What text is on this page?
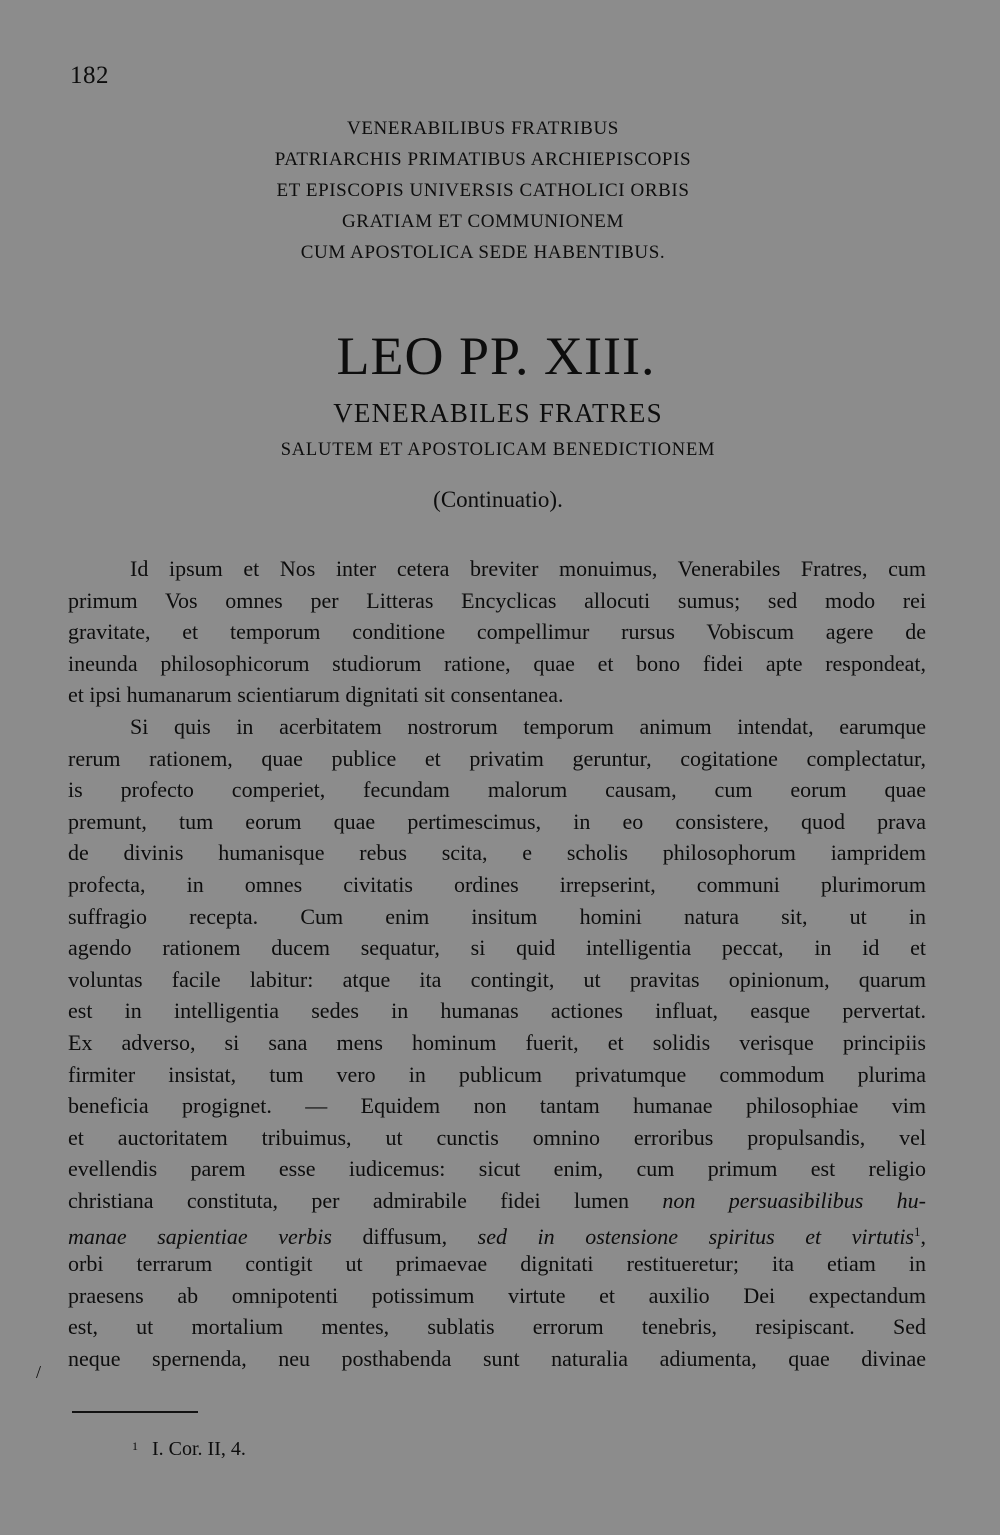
182
VENERABILIBUS FRATRIBUS
PATRIARCHIS PRIMATIBUS ARCHIEPISCOPIS
ET EPISCOPIS UNIVERSIS CATHOLICI ORBIS
GRATIAM ET COMMUNIONEM
CUM APOSTOLICA SEDE HABENTIBUS.
LEO PP. XIII.
VENERABILES FRATRES
SALUTEM ET APOSTOLICAM BENEDICTIONEM
(Continuatio).
Id ipsum et Nos inter cetera breviter monuimus, Venerabiles Fratres, cum
primum Vos omnes per Litteras Encyclicas allocuti sumus; sed modo rei
gravitate, et temporum conditione compellimur rursus Vobiscum agere de
ineunda philosophicorum studiorum ratione, quae et bono fidei apte respondeat,
et ipsi humanarum scientiarum dignitati sit consentanea.
Si quis in acerbitatem nostrorum temporum animum intendat, earumque
rerum rationem, quae publice et privatim geruntur, cogitatione complectatur,
is profecto comperiet, fecundam malorum causam, cum eorum quae
premunt, tum eorum quae pertimescimus, in eo consistere, quod prava
de divinis humanisque rebus scita, e scholis philosophorum iampridem
profecta, in omnes civitatis ordines irrepserint, communi plurimorum
suffragio recepta. Cum enim insitum homini natura sit, ut in
agendo rationem ducem sequatur, si quid intelligentia peccat, in id et
voluntas facile labitur: atque ita contingit, ut pravitas opinionum, quarum
est in intelligentia sedes in humanas actiones influat, easque pervertat.
Ex adverso, si sana mens hominum fuerit, et solidis verisque principiis
firmiter insistat, tum vero in publicum privatumque commodum plurima
beneficia progignet. — Equidem non tantam humanae philosophiae vim
et auctoritatem tribuimus, ut cunctis omnino erroribus propulsandis, vel
evellendis parem esse iudicemus: sicut enim, cum primum est religio
christiana constituta, per admirabile fidei lumen non persuasibilibus hu-
manae sapientiae verbis diffusum, sed in ostensione spiritus et virtutis$^1$,
orbi terrarum contigit ut primaevae dignitati restitueretur; ita etiam in
praesens ab omnipotenti potissimum virtute et auxilio Dei expectandum
est, ut mortalium mentes, sublatis errorum tenebris, resipiscant. Sed
neque spernenda, neu posthabenda sunt naturalia adiumenta, quae divinae
/
$^1$ I. Cor. II, 4.
